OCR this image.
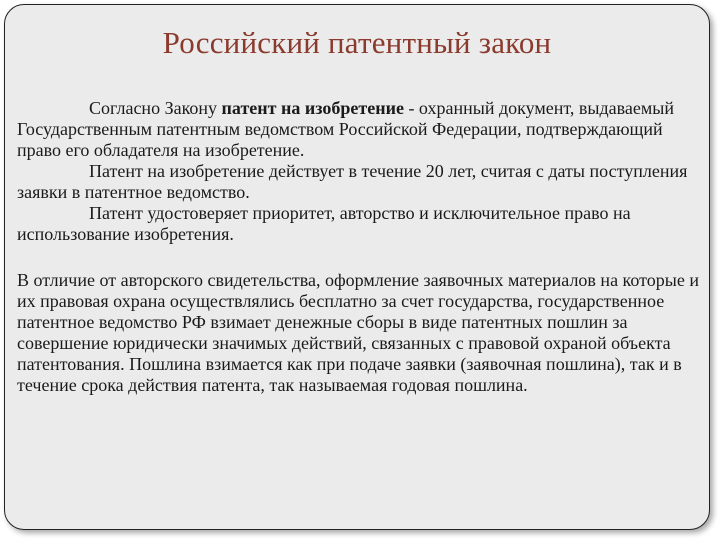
Российский патентный закон

Согласно Закону патент на изобретение - охранный документ, выдаваемый Государственным патентным ведомством Российской Федерации, подтверждающий право его обладателя на изобретение.

Патент на изобретение действует в течение 20 лет, считая с даты поступления заявки в патентное ведомство.

Патент удостоверяет приоритет, авторство и исключительное право на использование изобретения.

В отличие от авторского свидетельства, оформление заявочных материалов на которые и их правовая охрана осуществлялись бесплатно за счет государства, государственное патентное ведомство РФ взимает денежные сборы в виде патентных пошлин за совершение юридически значимых действий, связанных с правовой охраной объекта патентования. Пошлина взимается как при подаче заявки (заявочная пошлина), так и в течение срока действия патента, так называемая годовая пошлина.
